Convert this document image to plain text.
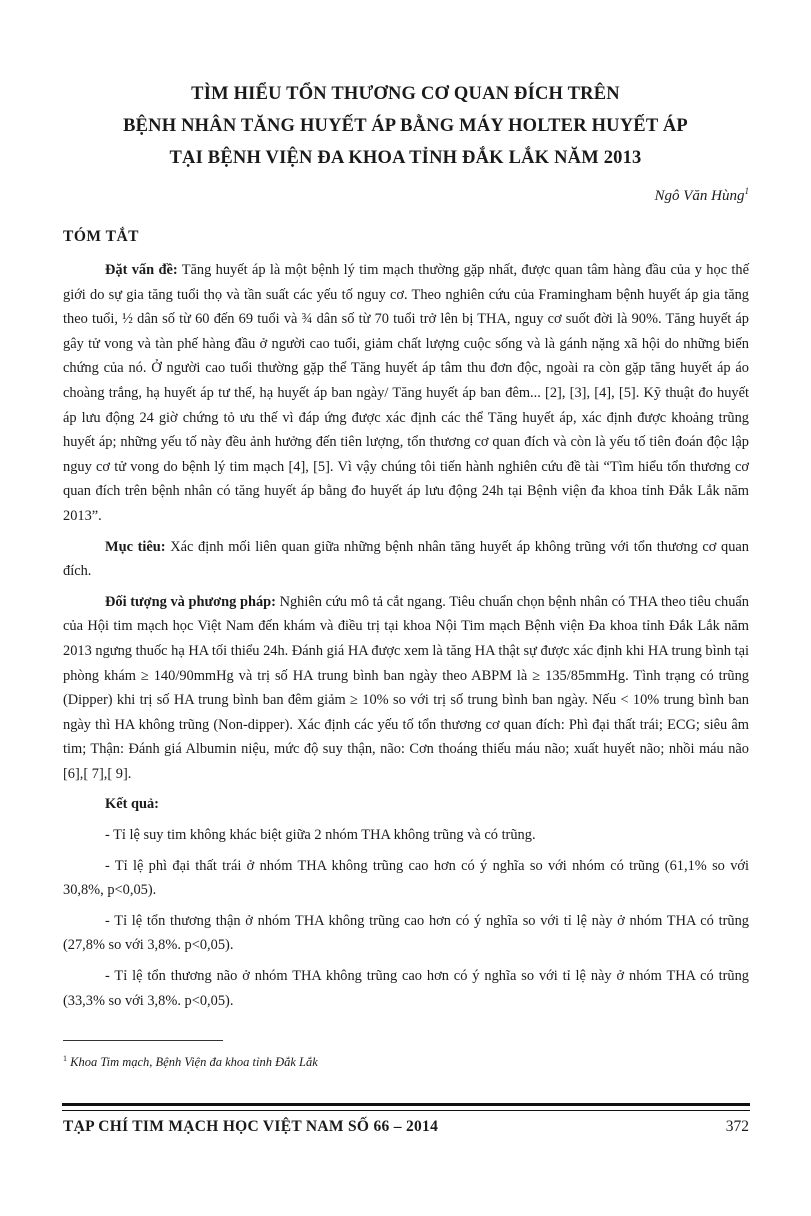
TÌM HIỂU TỔN THƯƠNG CƠ QUAN ĐÍCH TRÊN
BỆNH NHÂN TĂNG HUYẾT ÁP BẰNG MÁY HOLTER HUYẾT ÁP
TẠI BỆNH VIỆN ĐA KHOA TỈNH ĐẮK LẮK NĂM 2013
Ngô Văn Hùng$^1$
TÓM TẮT

Đặt vấn đề: Tăng huyết áp là một bệnh lý tim mạch thường gặp nhất, được quan tâm hàng đầu của y học thế giới do sự gia tăng tuổi thọ và tần suất các yếu tố nguy cơ. Theo nghiên cứu của Framingham bệnh huyết áp gia tăng theo tuổi, ½ dân số từ 60 đến 69 tuổi và ¾ dân số từ 70 tuổi trở lên bị THA, nguy cơ suốt đời là 90%. Tăng huyết áp gây tử vong và tàn phế hàng đầu ở người cao tuổi, giảm chất lượng cuộc sống và là gánh nặng xã hội do những biến chứng của nó. Ở người cao tuổi thường gặp thể Tăng huyết áp tâm thu đơn độc, ngoài ra còn gặp tăng huyết áp áo choàng trắng, hạ huyết áp tư thế, hạ huyết áp ban ngày/ Tăng huyết áp ban đêm... [2], [3], [4], [5]. Kỹ thuật đo huyết áp lưu động 24 giờ chứng tỏ ưu thế vì đáp ứng được xác định các thể Tăng huyết áp, xác định được khoảng trũng huyết áp; những yếu tố này đều ảnh hưởng đến tiên lượng, tổn thương cơ quan đích và còn là yếu tố tiên đoán độc lập nguy cơ tử vong do bệnh lý tim mạch [4], [5]. Vì vậy chúng tôi tiến hành nghiên cứu đề tài “Tìm hiểu tổn thương cơ quan đích trên bệnh nhân có tăng huyết áp bằng đo huyết áp lưu động 24h tại Bệnh viện đa khoa tỉnh Đắk Lắk năm 2013”.

Mục tiêu: Xác định mối liên quan giữa những bệnh nhân tăng huyết áp không trũng với tổn thương cơ quan đích.

Đối tượng và phương pháp: Nghiên cứu mô tả cắt ngang. Tiêu chuẩn chọn bệnh nhân có THA theo tiêu chuẩn của Hội tim mạch học Việt Nam đến khám và điều trị tại khoa Nội Tim mạch Bệnh viện Đa khoa tỉnh Đắk Lắk năm 2013 ngưng thuốc hạ HA tối thiểu 24h. Đánh giá HA được xem là tăng HA thật sự được xác định khi HA trung bình tại phòng khám ≥ 140/90mmHg và trị số HA trung bình ban ngày theo ABPM là ≥ 135/85mmHg. Tình trạng có trũng (Dipper) khi trị số HA trung bình ban đêm giảm ≥ 10% so với trị số trung bình ban ngày. Nếu < 10% trung bình ban ngày thì HA không trũng (Non-dipper). Xác định các yếu tố tổn thương cơ quan đích: Phì đại thất trái; ECG; siêu âm tim; Thận: Đánh giá Albumin niệu, mức độ suy thận, não: Cơn thoáng thiếu máu não; xuất huyết não; nhồi máu não [6],[ 7],[ 9].

Kết quả:

- Tỉ lệ suy tim không khác biệt giữa 2 nhóm THA không trũng và có trũng.

- Tỉ lệ phì đại thất trái ở nhóm THA không trũng cao hơn có ý nghĩa so với nhóm có trũng (61,1% so với 30,8%, p<0,05).

- Tỉ lệ tổn thương thận ở nhóm THA không trũng cao hơn có ý nghĩa so với tỉ lệ này ở nhóm THA có trũng (27,8% so với 3,8%. p<0,05).

- Tỉ lệ tổn thương não ở nhóm THA không trũng cao hơn có ý nghĩa so với tỉ lệ này ở nhóm THA có trũng (33,3% so với 3,8%. p<0,05).

$^1$ Khoa Tim mạch, Bệnh Viện đa khoa tỉnh Đắk Lắk
TẠP CHÍ TIM MẠCH HỌC VIỆT NAM SỐ 66 – 2014	372
